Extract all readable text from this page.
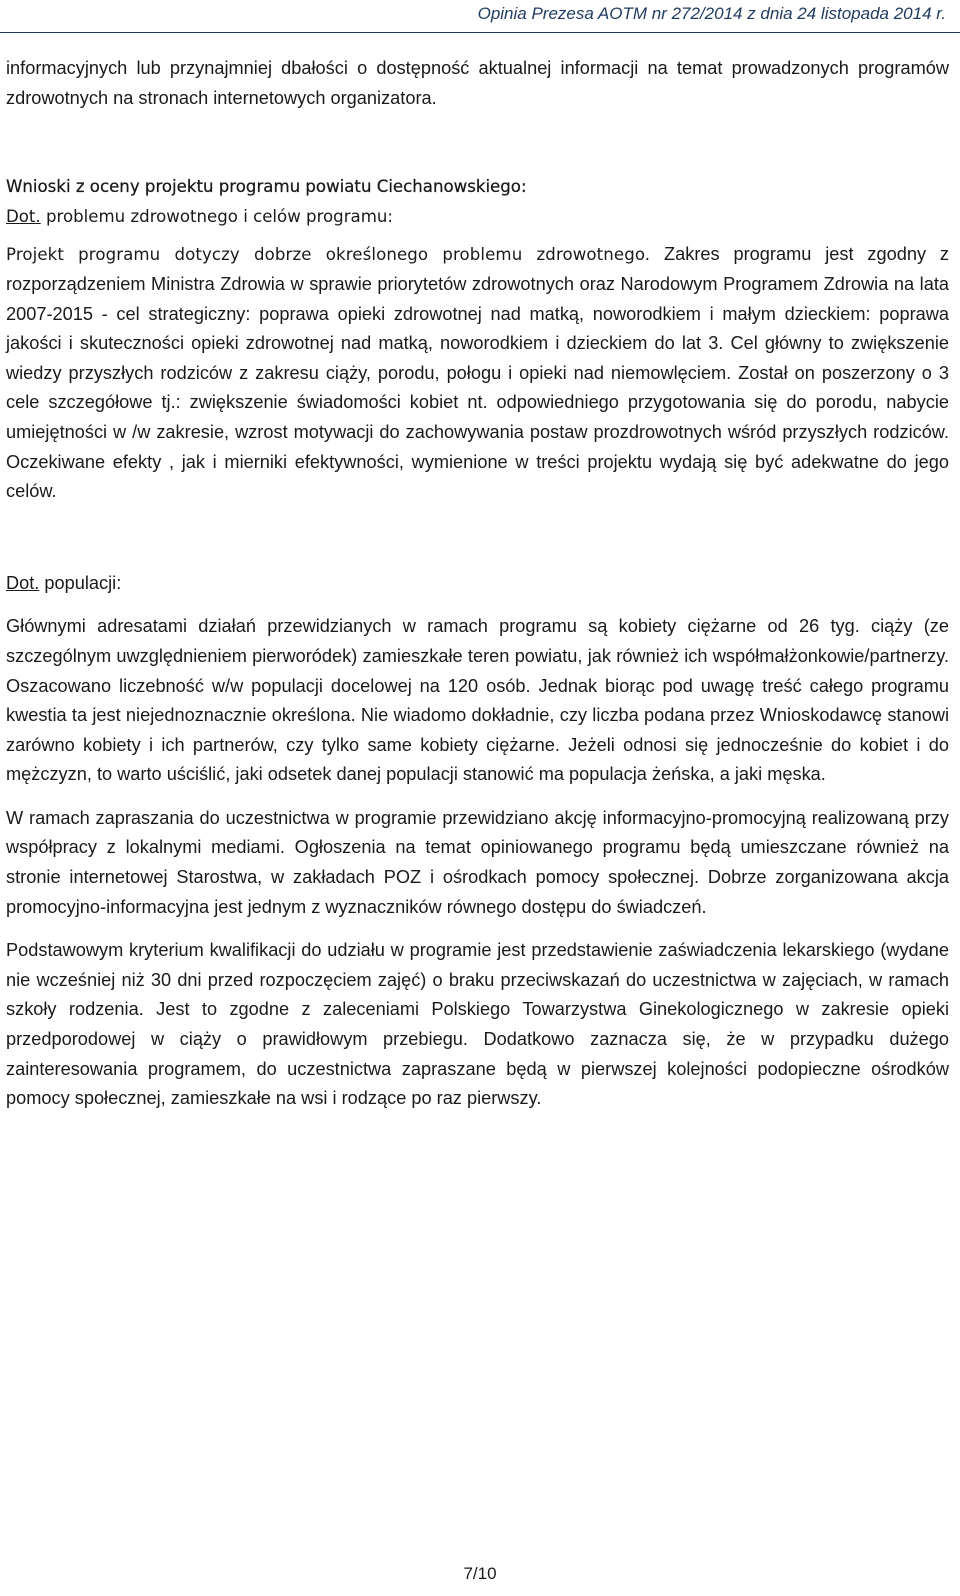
Opinia Prezesa AOTM nr 272/2014 z dnia 24 listopada 2014 r.

informacyjnych lub przynajmniej dbałości o dostępność aktualnej informacji na temat prowadzonych programów zdrowotnych na stronach internetowych organizatora.

Wnioski z oceny projektu programu powiatu Ciechanowskiego:

Dot. problemu zdrowotnego i celów programu:

Projekt programu dotyczy dobrze określonego problemu zdrowotnego. Zakres programu jest zgodny z rozporządzeniem Ministra Zdrowia w sprawie priorytetów zdrowotnych oraz Narodowym Programem Zdrowia na lata 2007-2015 - cel strategiczny: poprawa opieki zdrowotnej nad matką, noworodkiem i małym dzieckiem: poprawa jakości i skuteczności opieki zdrowotnej nad matką, noworodkiem i dzieckiem do lat 3. Cel główny to zwiększenie wiedzy przyszłych rodziców z zakresu ciąży, porodu, połogu i opieki nad niemowlęciem. Został on poszerzony o 3 cele szczegółowe tj.: zwiększenie świadomości kobiet nt. odpowiedniego przygotowania się do porodu, nabycie umiejętności w /w zakresie, wzrost motywacji do zachowywania postaw prozdrowotnych wśród przyszłych rodziców. Oczekiwane efekty , jak i mierniki efektywności, wymienione w treści projektu wydają się być adekwatne do jego celów.

Dot. populacji:

Głównymi adresatami działań przewidzianych w ramach programu są kobiety ciężarne od 26 tyg. ciąży (ze szczególnym uwzględnieniem pierworódek) zamieszkałe teren powiatu, jak również ich współmałżonkowie/partnerzy. Oszacowano liczebność w/w populacji docelowej na 120 osób. Jednak biorąc pod uwagę treść całego programu kwestia ta jest niejednoznacznie określona. Nie wiadomo dokładnie, czy liczba podana przez Wnioskodawcę stanowi zarówno kobiety i ich partnerów, czy tylko same kobiety ciężarne. Jeżeli odnosi się jednocześnie do kobiet i do mężczyzn, to warto uściślić, jaki odsetek danej populacji stanowić ma populacja żeńska, a jaki męska.

W ramach zapraszania do uczestnictwa w programie przewidziano akcję informacyjno-promocyjną realizowaną przy współpracy z lokalnymi mediami. Ogłoszenia na temat opiniowanego programu będą umieszczane również na stronie internetowej Starostwa, w zakładach POZ i ośrodkach pomocy społecznej. Dobrze zorganizowana akcja promocyjno-informacyjna jest jednym z wyznaczników równego dostępu do świadczeń.

Podstawowym kryterium kwalifikacji do udziału w programie jest przedstawienie zaświadczenia lekarskiego (wydane nie wcześniej niż 30 dni przed rozpoczęciem zajęć) o braku przeciwskazań do uczestnictwa w zajęciach, w ramach szkoły rodzenia. Jest to zgodne z zaleceniami Polskiego Towarzystwa Ginekologicznego w zakresie opieki przedporodowej w ciąży o prawidłowym przebiegu. Dodatkowo zaznacza się, że w przypadku dużego zainteresowania programem, do uczestnictwa zapraszane będą w pierwszej kolejności podopieczne ośrodków pomocy społecznej, zamieszkałe na wsi i rodzące po raz pierwszy.

7/10
